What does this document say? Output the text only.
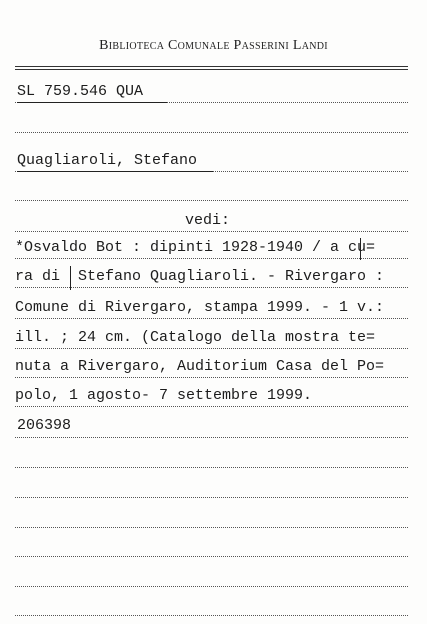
Biblioteca Comunale Passerini Landi
SL 759.546 QUA
Quagliaroli, Stefano
vedi:
*Osvaldo Bot : dipinti 1928-1940 / a cu=
ra di  Stefano Quagliaroli. - Rivergaro :
Comune di Rivergaro, stampa 1999. - 1 v.:
ill. ; 24 cm. (Catalogo della mostra te=
nuta a Rivergaro, Auditorium Casa del Po=
polo, 1 agosto- 7 settembre 1999.
206398
